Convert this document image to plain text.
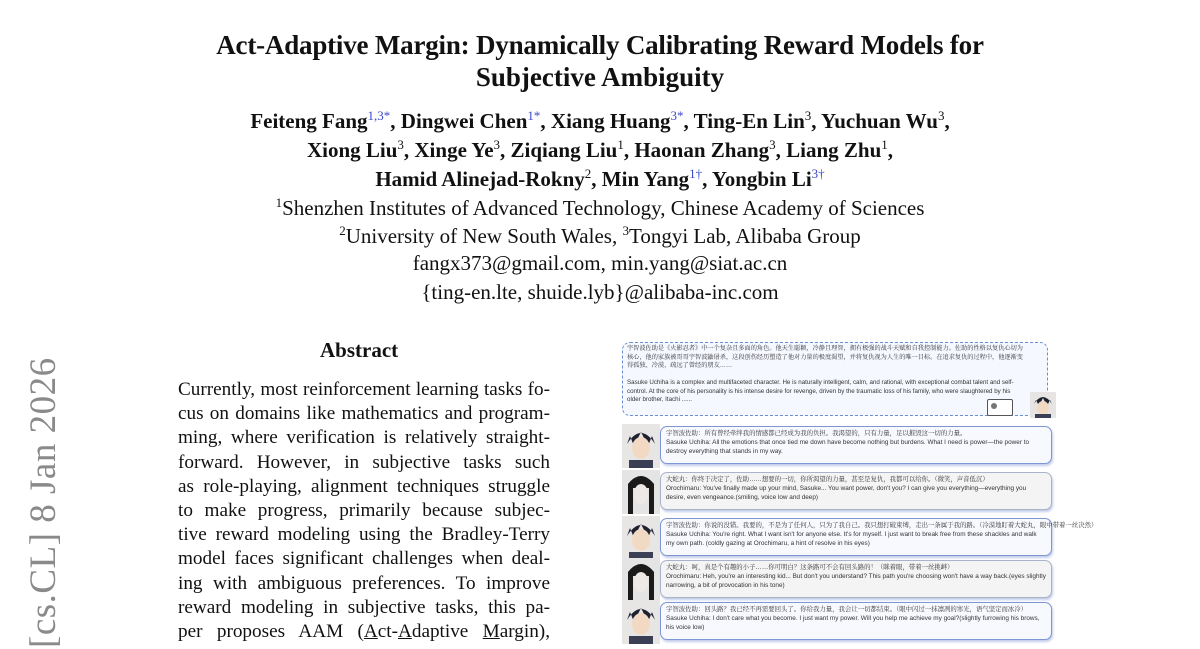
Act-Adaptive Margin: Dynamically Calibrating Reward Models for
Subjective Ambiguity
Feiteng Fang$^{1,3*}$, Dingwei Chen$^{1*}$, Xiang Huang$^{3*}$, Ting-En Lin$^3$, Yuchuan Wu$^3$,
Xiong Liu$^3$, Xinge Ye$^3$, Ziqiang Liu$^1$, Haonan Zhang$^3$, Liang Zhu$^1$,
Hamid Alinejad-Rokny$^2$, Min Yang$^{1\dagger}$, Yongbin $Li^{3\dagger}$
$^1$Shenzhen Institutes of Advanced Technology, Chinese Academy of Sciences
$^2$University of New South Wales, $^3$Tongyi Lab, Alibaba Group
fangx373@gmail.com, min.yang@siat.ac.cn
{ting-en.lte, shuide.lyb}@alibaba-inc.com
[cs.CL] 8 Jan 2026
Abstract
Currently, most reinforcement learning tasks fo-
cus on domains like mathematics and program-
ming, where verification is relatively straight-
forward. However, in subjective tasks such
as role-playing, alignment techniques struggle
to make progress, primarily because subjec-
tive reward modeling using the Bradley-Terry
model faces significant challenges when deal-
ing with ambiguous preferences. To improve
reward modeling in subjective tasks, this pa-
per proposes AAM (Act-Adaptive Margin),
宇智波佐助是《火影忍者》中一个复杂且多面的角色。他天生聪颖，冷静且理智，拥有极强的战斗天赋和自我控制能力。佐助的性格以复仇心切为核心，他的家族被哥哥宇智波鼬屠杀，这段创伤经历塑造了他对力量的极度渴望，并将复仇视为人生的唯一目标。在追求复仇的过程中，他逐渐变得孤独、冷漠，疏远了曾经的朋友……
Sasuke Uchiha is a complex and multifaceted character. He is naturally intelligent, calm, and rational, with exceptional combat talent and self-control. At the core of his personality is his intense desire for revenge, driven by the traumatic loss of his family, who were slaughtered by his older brother, Itachi ......
宇智波佐助：所有曾经牵绊我的情感都已经成为我的负担。我渴望的，只有力量，足以摧毁这一切的力量。
Sasuke Uchiha: All the emotions that once tied me down have become nothing but burdens. What I need is power—the power to destroy everything that stands in my way.
大蛇丸：你终于决定了，佐助……想要的一切，你所渴望的力量，甚至是复仇，我都可以给你。（微笑，声音低沉）
Orochimaru: You've finally made up your mind, Sasuke... You want power, don't you? I can give you everything—everything you desire, even vengeance.(smiling, voice low and deep)
宇智波佐助：你说的没错。我要的，不是为了任何人，只为了我自己。我只想打破束缚，走出一条属于我的路。（冷漠地盯着大蛇丸，眼中带着一丝决然）
Sasuke Uchiha: You're right. What I want isn't for anyone else. It's for myself. I just want to break free from these shackles and walk my own path. (coldly gazing at Orochimaru, a hint of resolve in his eyes)
大蛇丸：呵，真是个有趣的小子……你可明白？这条路可不会有回头路的！（眯着眼，带着一丝挑衅）
Orochimaru: Heh, you're an interesting kid... But don't you understand? This path you're choosing won't have a way back.(eyes slightly narrowing, a bit of provocation in his tone)
宇智波佐助：回头路？我已经不再需要回头了。你给我力量，我会让一切都结束。（眼中闪过一抹凛冽的寒光，语气坚定而冰冷）
Sasuke Uchiha: I don't care what you become. I just want my power. Will you help me achieve my goal?(slightly furrowing his brows, his voice low)
